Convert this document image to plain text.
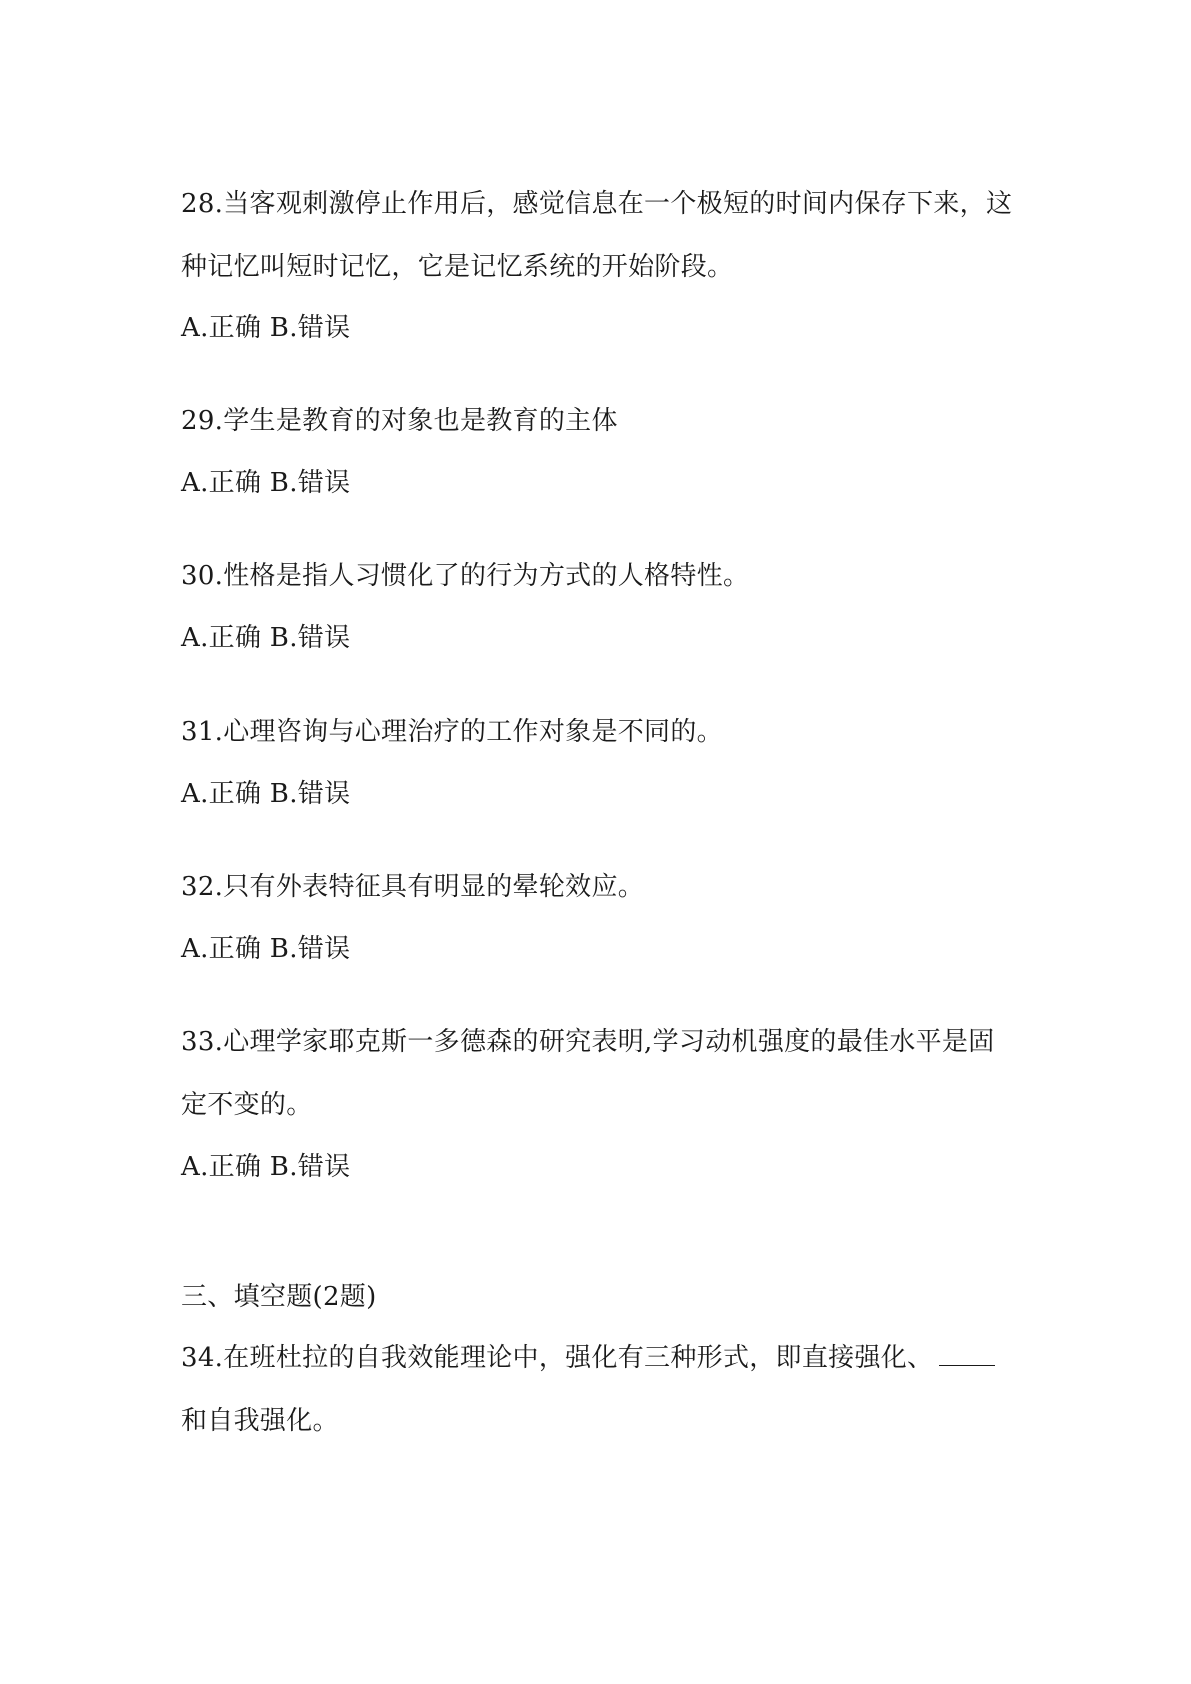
28.当客观刺激停止作用后，感觉信息在一个极短的时间内保存下来，这
种记忆叫短时记忆，它是记忆系统的开始阶段。
A.正确 B.错误
29.学生是教育的对象也是教育的主体
A.正确 B.错误
30.性格是指人习惯化了的行为方式的人格特性。
A.正确 B.错误
31.心理咨询与心理治疗的工作对象是不同的。
A.正确 B.错误
32.只有外表特征具有明显的晕轮效应。
A.正确 B.错误
33.心理学家耶克斯一多德森的研究表明,学习动机强度的最佳水平是固
定不变的。
A.正确 B.错误
三、填空题(2题)
34.在班杜拉的自我效能理论中，强化有三种形式，即直接强化、
和自我强化。
